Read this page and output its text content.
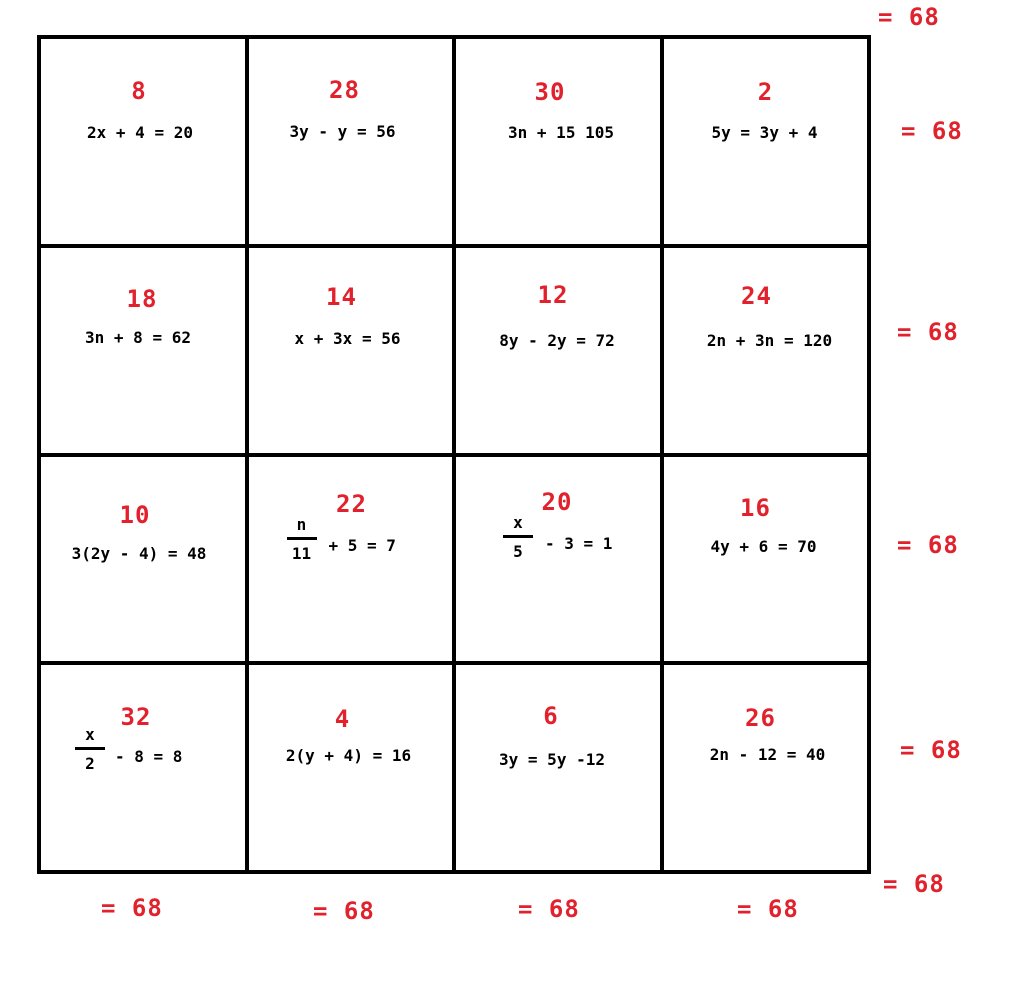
8
2x + 4 = 20
28
3y - y = 56
30
3n + 15 105
2
5y = 3y + 4
18
3n + 8 = 62
14
x + 3x = 56
12
8y - 2y = 72
24
2n + 3n = 120
10
3(2y - 4) = 48
22
n
11	+ 5 = 7
20
x
5	- 3 = 1
16
4y + 6 = 70
32
x
2	- 8 = 8
4
2(y + 4) = 16
6
3y = 5y -12
26
2n - 12 = 40
= 68
= 68
= 68
= 68
= 68
= 68
= 68	= 68	= 68	= 68
